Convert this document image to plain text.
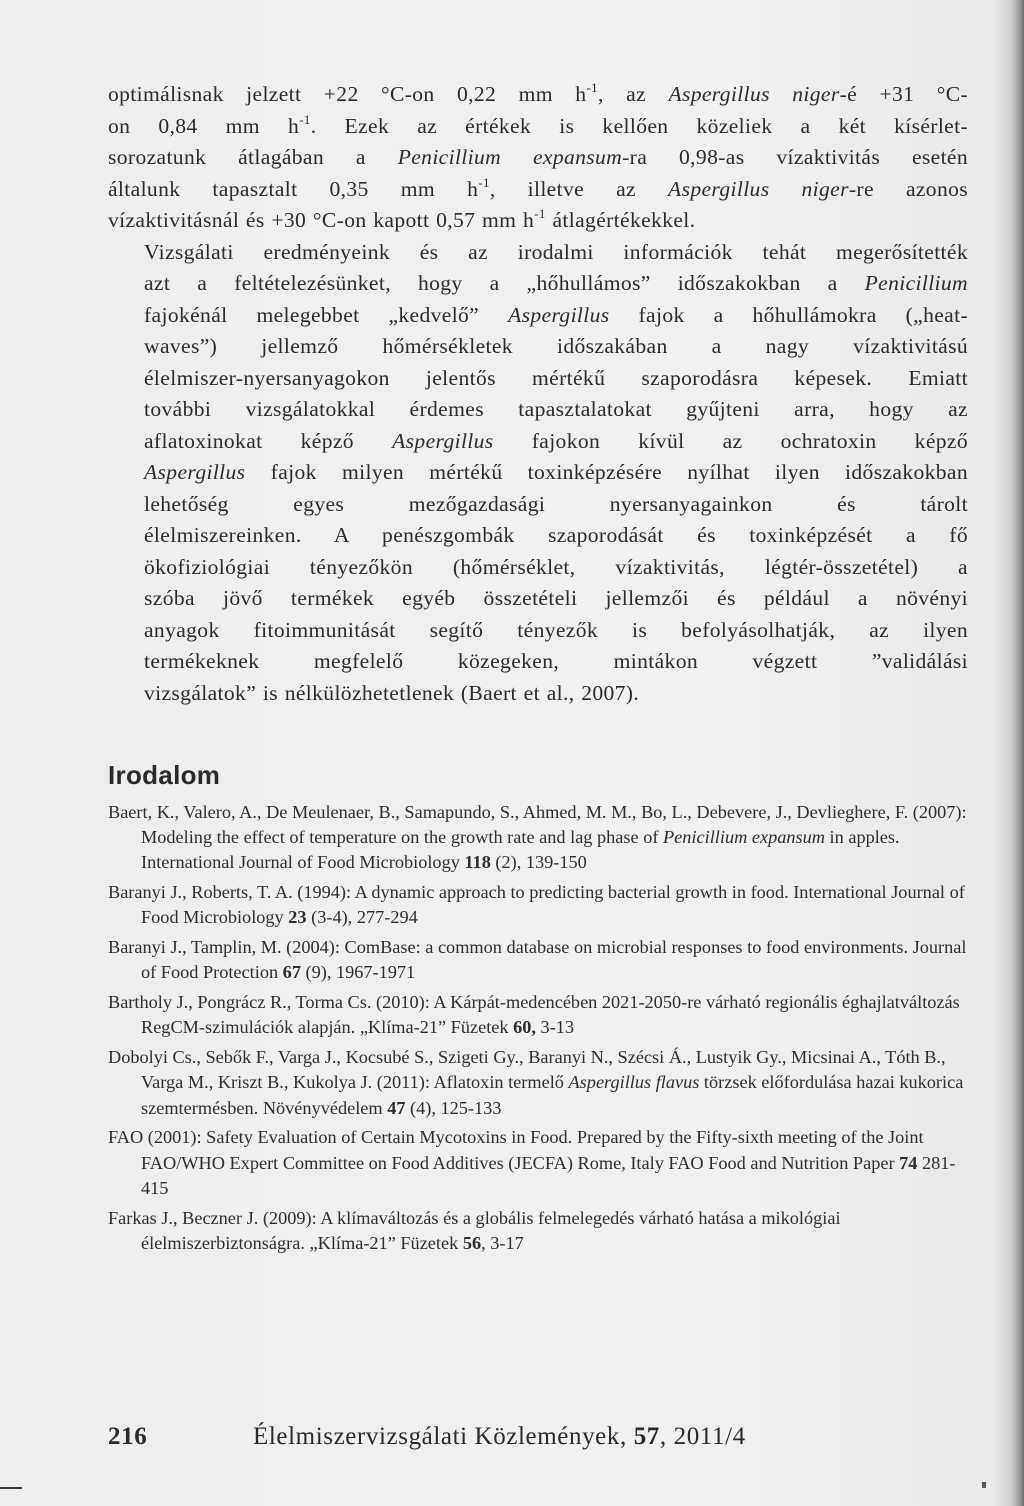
optimálisnak jelzett +22 °C-on 0,22 mm $h^{-1}$, az Aspergillus niger-é +31 °C-
on 0,84 mm $h^{-1}$. Ezek az értékek is kellően közeliek a két kísérlet-
sorozatunk átlagában a Penicillium expansum-ra 0,98-as vízaktivitás esetén
általunk tapasztalt 0,35 mm $h^{-1}$, illetve az Aspergillus niger-re azonos
vízaktivitásnál és +30 °C-on kapott 0,57 mm $h^{-1}$ átlagértékekkel.

Vizsgálati eredményeink és az irodalmi információk tehát megerősítették
azt a feltételezésünket, hogy a „hőhullámos” időszakokban a Penicillium
fajokénál melegebbet „kedvelő” Aspergillus fajok a hőhullámokra („heat-
waves”) jellemző hőmérsékletek időszakában a nagy vízaktivitású
élelmiszer-nyersanyagokon jelentős mértékű szaporodásra képesek. Emiatt
további vizsgálatokkal érdemes tapasztalatokat gyűjteni arra, hogy az
aflatoxinokat képző Aspergillus fajokon kívül az ochratoxin képző
Aspergillus fajok milyen mértékű toxinképzésére nyílhat ilyen időszakokban
lehetőség egyes mezőgazdasági nyersanyagainkon és tárolt
élelmiszereinken. A penészgombák szaporodását és toxinképzését a fő
ökofiziológiai tényezőkön (hőmérséklet, vízaktivitás, légtér-összetétel) a
szóba jövő termékek egyéb összetételi jellemzői és például a növényi
anyagok fitoimmunitását segítő tényezők is befolyásolhatják, az ilyen
termékeknek megfelelő közegeken, mintákon végzett ”validálási
vizsgálatok” is nélkülözhetetlenek (Baert et al., 2007).

Irodalom
Baert, K., Valero, A., De Meulenaer, B., Samapundo, S., Ahmed, M. M., Bo, L., Debevere, J., Devlieghere, F. (2007): Modeling the effect of temperature on the growth rate and lag phase of Penicillium expansum in apples. International Journal of Food Microbiology 118 (2), 139-150
Baranyi J., Roberts, T. A. (1994): A dynamic approach to predicting bacterial growth in food. International Journal of Food Microbiology 23 (3-4), 277-294
Baranyi J., Tamplin, M. (2004): ComBase: a common database on microbial responses to food environments. Journal of Food Protection 67 (9), 1967-1971
Bartholy J., Pongrácz R., Torma Cs. (2010): A Kárpát-medencében 2021-2050-re várható regionális éghajlatváltozás RegCM-szimulációk alapján. „Klíma-21” Füzetek 60, 3-13
Dobolyi Cs., Sebők F., Varga J., Kocsubé S., Szigeti Gy., Baranyi N., Szécsi Á., Lustyik Gy., Micsinai A., Tóth B., Varga M., Kriszt B., Kukolya J. (2011): Aflatoxin termelő Aspergillus flavus törzsek előfordulása hazai kukorica szemtermésben. Növényvédelem 47 (4), 125-133
FAO (2001): Safety Evaluation of Certain Mycotoxins in Food. Prepared by the Fifty-sixth meeting of the Joint FAO/WHO Expert Committee on Food Additives (JECFA) Rome, Italy FAO Food and Nutrition Paper 74 281-415
Farkas J., Beczner J. (2009): A klímaváltozás és a globális felmelegedés várható hatása a mikológiai élelmiszerbiztonságra. „Klíma-21” Füzetek 56, 3-17
216	Élelmiszervizsgálati Közlemények, 57, 2011/4
